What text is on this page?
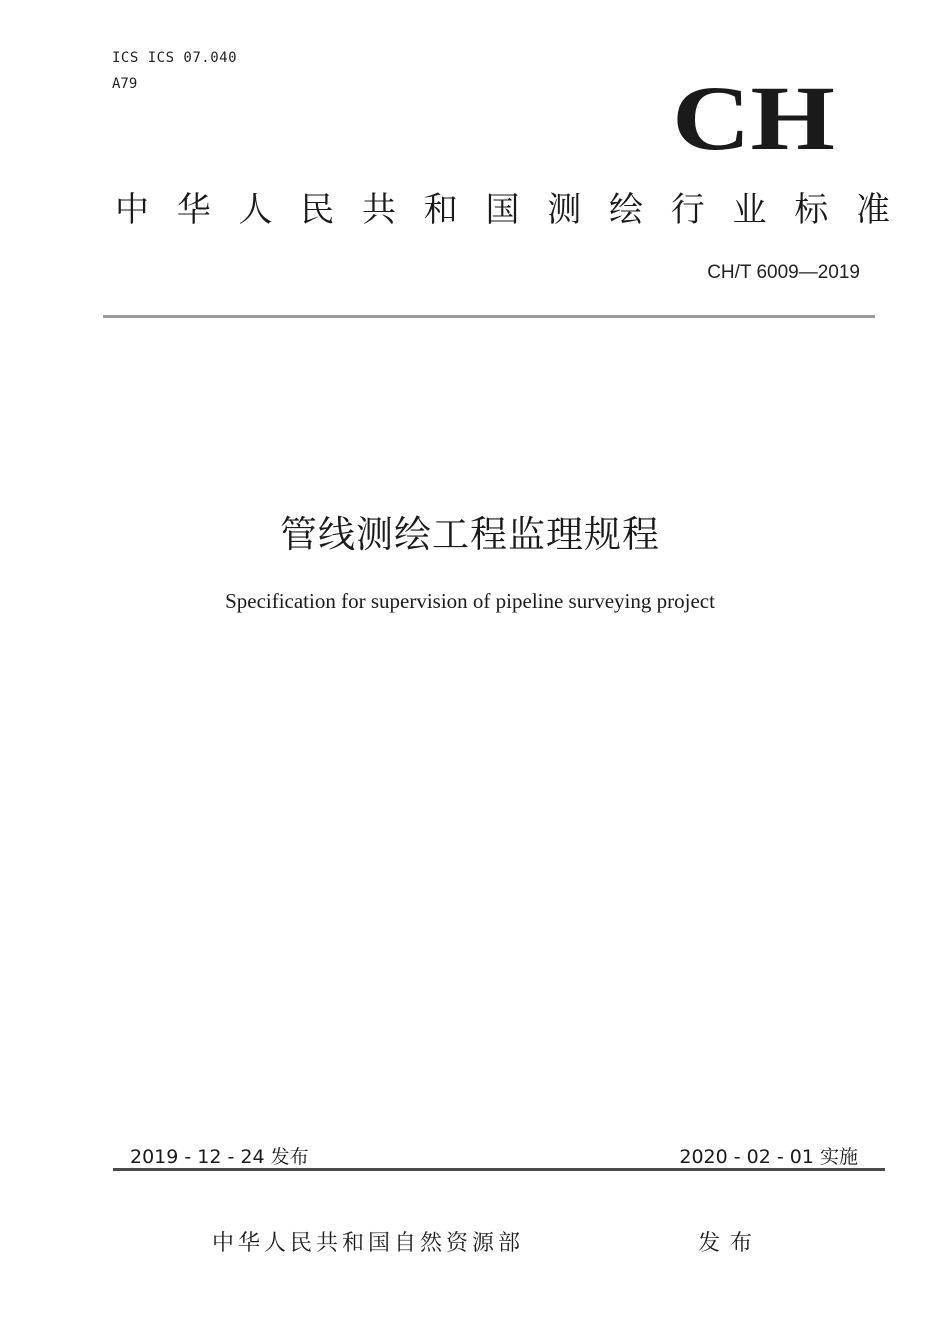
ICS ICS 07.040
A79	CH
中 华 人 民 共 和 国 测 绘 行 业 标 准
CH/T 6009—2019
管线测绘工程监理规程
Specification for supervision of pipeline surveying project
2019 - 12 - 24 发布	2020 - 02 - 01 实施
中华人民共和国自然资源部	发布
